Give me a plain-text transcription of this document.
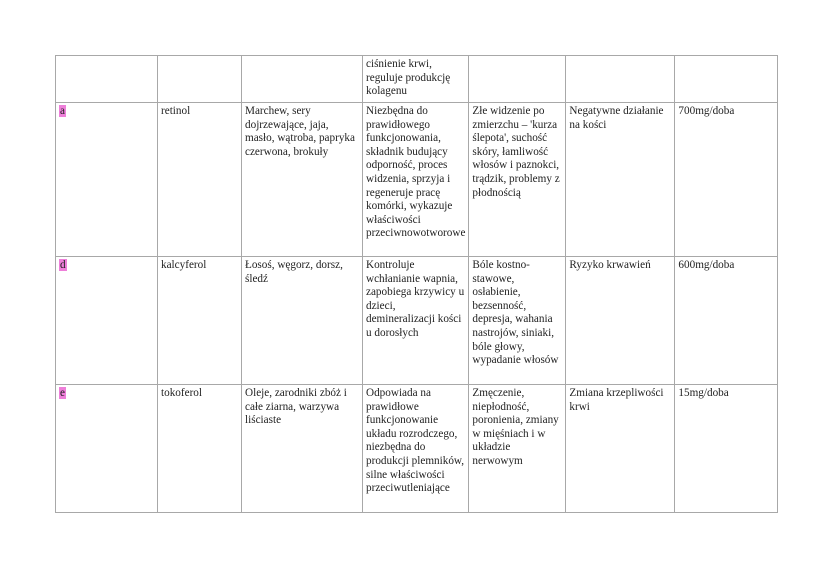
			ciśnienie krwi, reguluje produkcję kolagenu			
a	retinol	Marchew, sery dojrzewające, jaja, masło, wątroba, papryka czerwona, brokuły	Niezbędna do prawidłowego funkcjonowania, składnik budujący odporność, proces widzenia, sprzyja i regeneruje pracę komórki, wykazuje właściwości przeciwnowotworowe	Złe widzenie po zmierzchu – 'kurza ślepota', suchość skóry, łamliwość włosów i paznokci, trądzik, problemy z płodnością	Negatywne działanie na kości	700mg/doba
d	kalcyferol	Łosoś, węgorz, dorsz, śledź	Kontroluje wchłanianie wapnia, zapobiega krzywicy u dzieci, demineralizacji kości u dorosłych	Bóle kostno-stawowe, osłabienie, bezsenność, depresja, wahania nastrojów, siniaki, bóle głowy, wypadanie włosów	Ryzyko krwawień	600mg/doba
e	tokoferol	Oleje, zarodniki zbóż i całe ziarna, warzywa liściaste	Odpowiada na prawidłowe funkcjonowanie układu rozrodczego, niezbędna do produkcji plemników, silne właściwości przeciwutleniające	Zmęczenie, niepłodność, poronienia, zmiany w mięśniach i w układzie nerwowym	Zmiana krzepliwości krwi	15mg/doba
